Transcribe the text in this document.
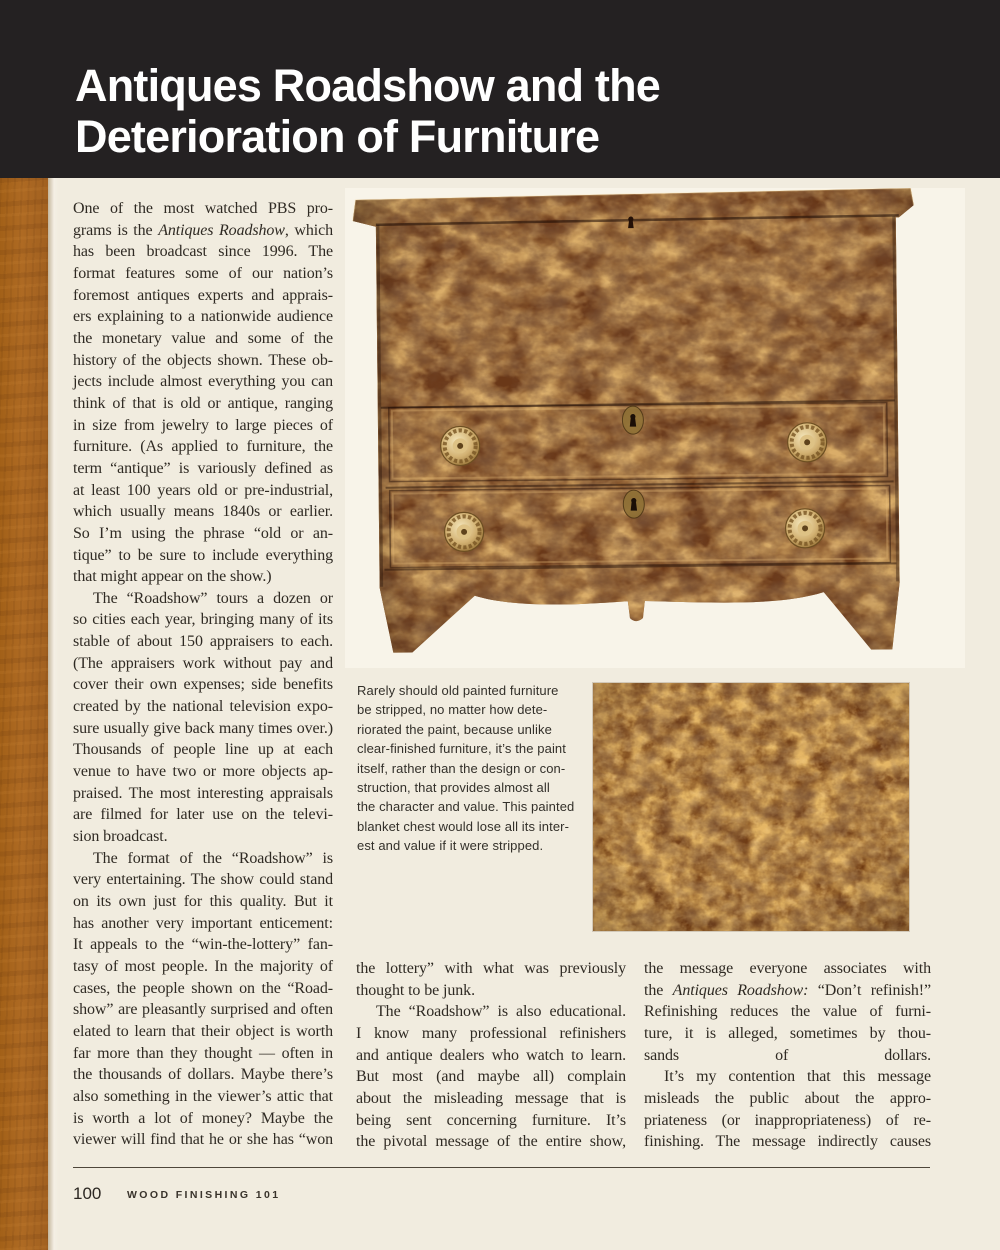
Antiques Roadshow and the
Deterioration of Furniture
Rarely should old painted furniture
be stripped, no matter how dete-
riorated the paint, because unlike
clear-finished furniture, it’s the paint
itself, rather than the design or con-
struction, that provides almost all
the character and value. This painted
blanket chest would lose all its inter-
est and value if it were stripped.
One of the most watched PBS pro-
grams is the Antiques Roadshow, which
has been broadcast since 1996. The
format features some of our nation’s
foremost antiques experts and apprais-
ers explaining to a nationwide audience
the monetary value and some of the
history of the objects shown. These ob-
jects include almost everything you can
think of that is old or antique, ranging
in size from jewelry to large pieces of
furniture. (As applied to furniture, the
term “antique” is variously defined as
at least 100 years old or pre-industrial,
which usually means 1840s or earlier.
So I’m using the phrase “old or an-
tique” to be sure to include everything
that might appear on the show.)
The “Roadshow” tours a dozen or
so cities each year, bringing many of its
stable of about 150 appraisers to each.
(The appraisers work without pay and
cover their own expenses; side benefits
created by the national television expo-
sure usually give back many times over.)
Thousands of people line up at each
venue to have two or more objects ap-
praised. The most interesting appraisals
are filmed for later use on the televi-
sion broadcast.
The format of the “Roadshow” is
very entertaining. The show could stand
on its own just for this quality. But it
has another very important enticement:
It appeals to the “win-the-lottery” fan-
tasy of most people. In the majority of
cases, the people shown on the “Road-
show” are pleasantly surprised and often
elated to learn that their object is worth
far more than they thought — often in
the thousands of dollars. Maybe there’s
also something in the viewer’s attic that
is worth a lot of money? Maybe the
viewer will find that he or she has “won
the lottery” with what was previously
thought to be junk.
The “Roadshow” is also educational.
I know many professional refinishers
and antique dealers who watch to learn.
But most (and maybe all) complain
about the misleading message that is
being sent concerning furniture. It’s
the pivotal message of the entire show,
the message everyone associates with
the Antiques Roadshow: “Don’t refinish!”
Refinishing reduces the value of furni-
ture, it is alleged, sometimes by thou-
sands of dollars.
It’s my contention that this message
misleads the public about the appro-
priateness (or inappropriateness) of re-
finishing. The message indirectly causes
100 WOOD FINISHING 101
